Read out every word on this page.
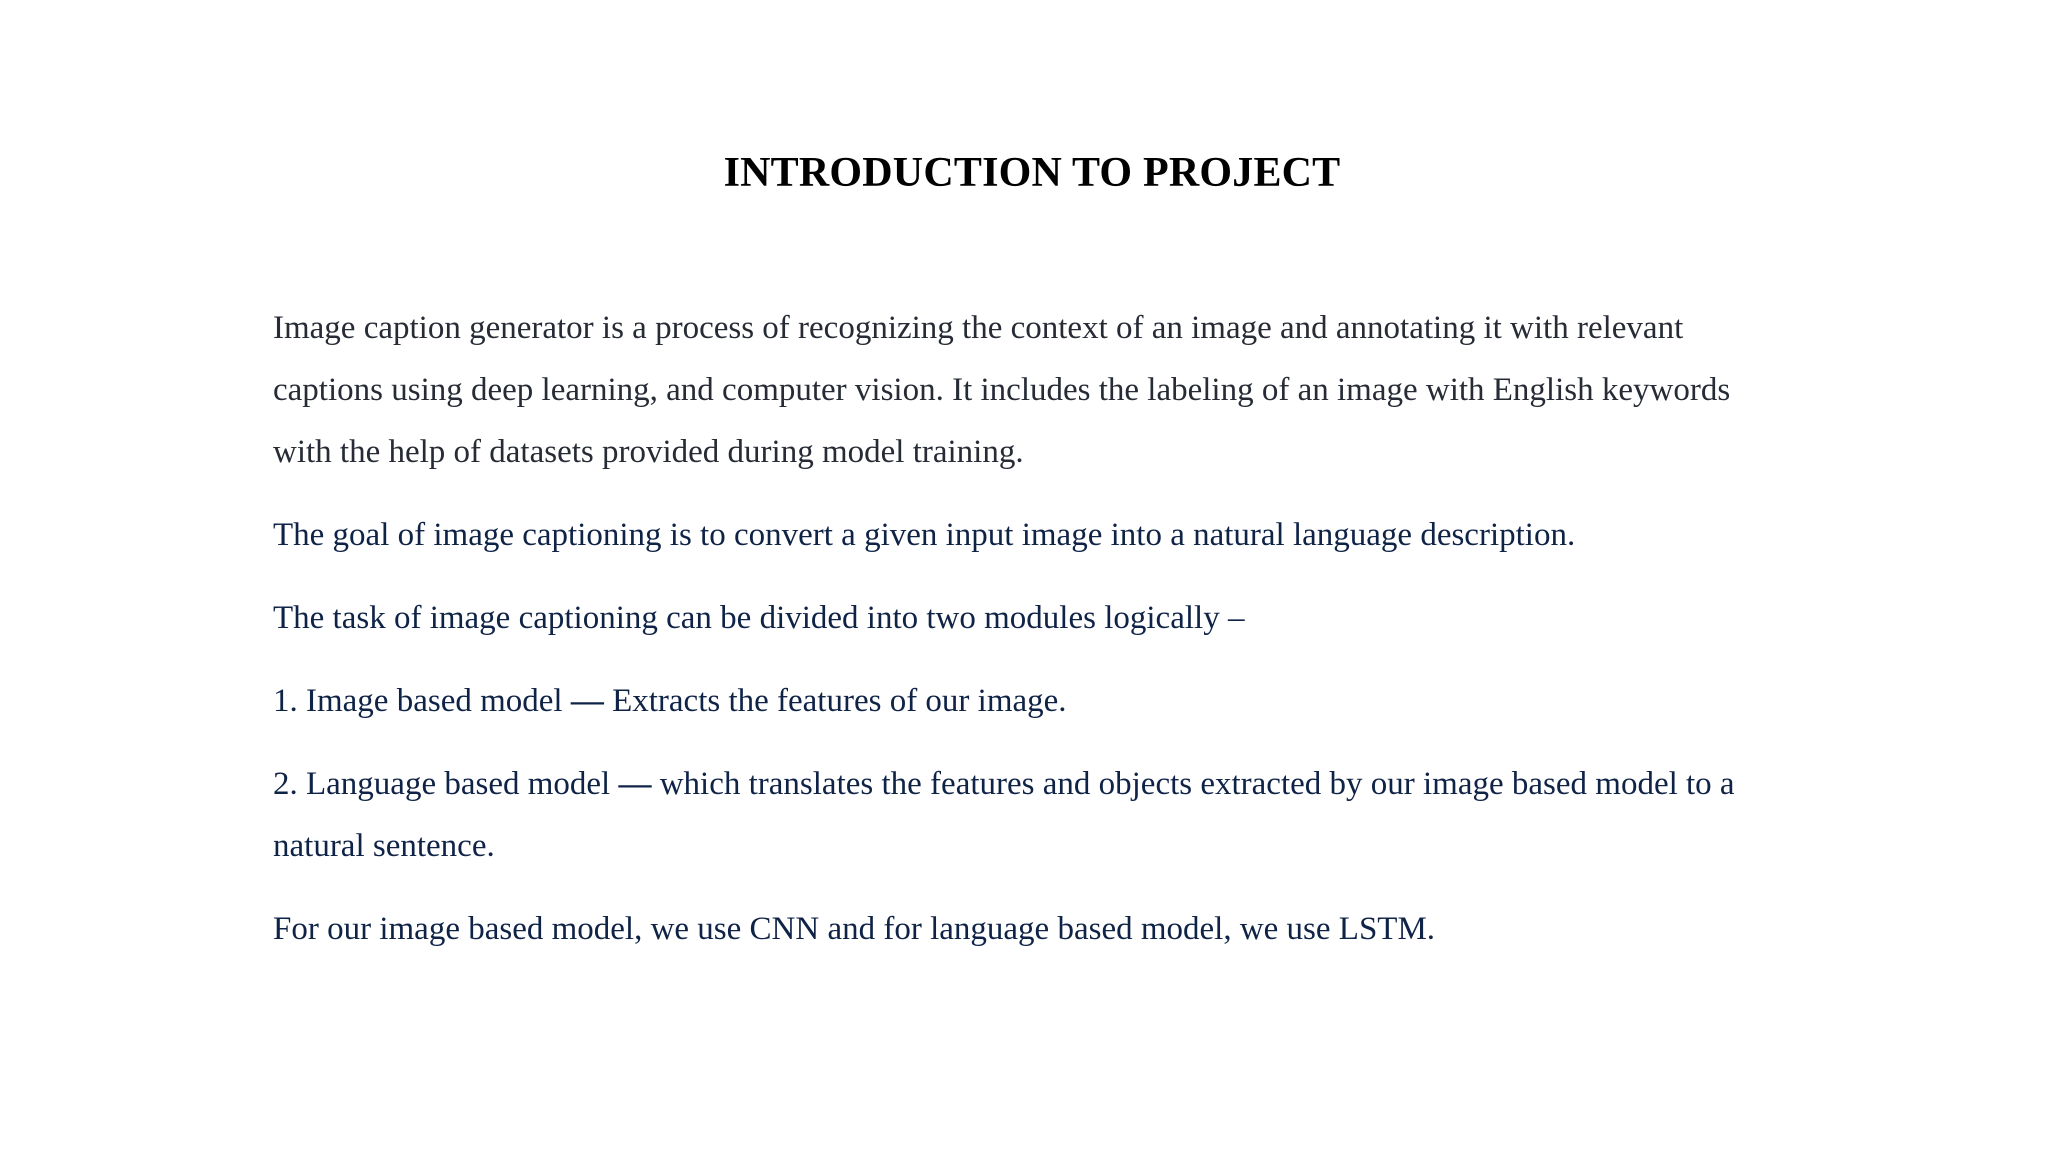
INTRODUCTION TO PROJECT

Image caption generator is a process of recognizing the context of an image and annotating it with relevant captions using deep learning, and computer vision. It includes the labeling of an image with English keywords with the help of datasets provided during model training.

The goal of image captioning is to convert a given input image into a natural language description.

The task of image captioning can be divided into two modules logically –

1. Image based model — Extracts the features of our image.

2. Language based model — which translates the features and objects extracted by our image based model to a natural sentence.

For our image based model, we use CNN and for language based model, we use LSTM.
